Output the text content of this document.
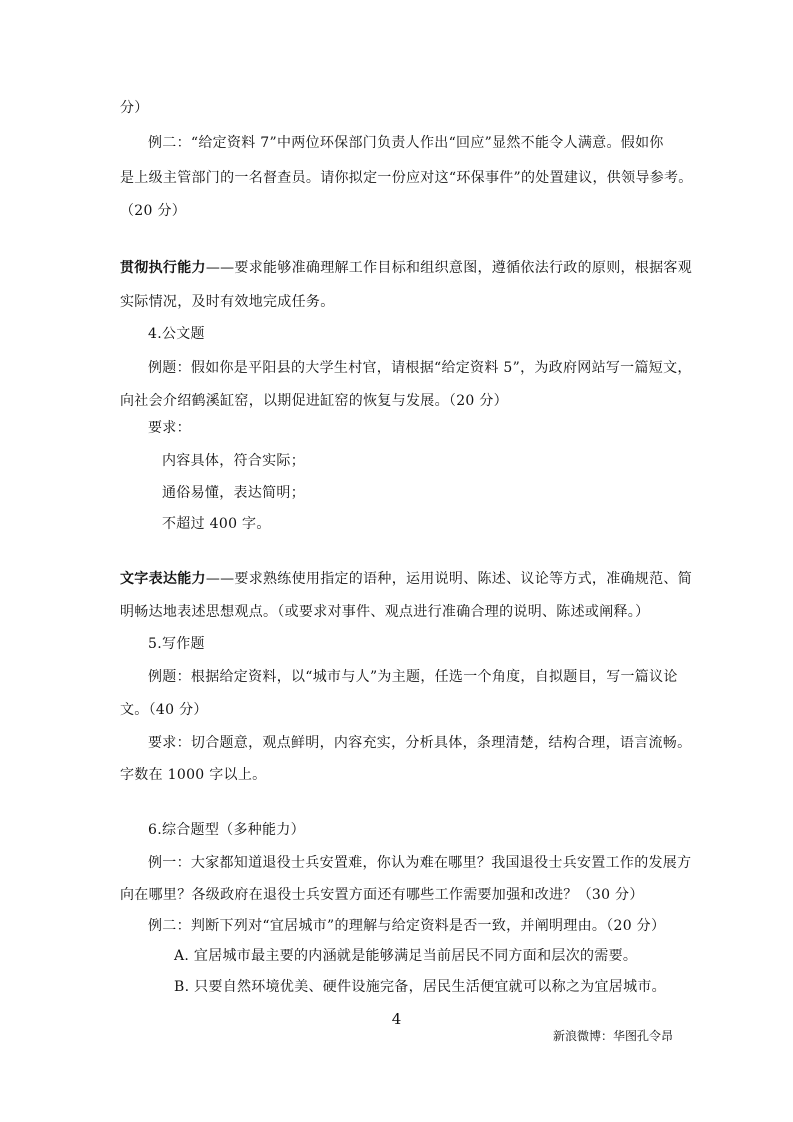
分）
例二：“给定资料 7”中两位环保部门负责人作出“回应”显然不能令人满意。假如你
是上级主管部门的一名督查员。请你拟定一份应对这“环保事件”的处置建议，供领导参考。
（20 分）
贯彻执行能力——要求能够准确理解工作目标和组织意图，遵循依法行政的原则，根据客观
实际情况，及时有效地完成任务。
4.公文题
例题：假如你是平阳县的大学生村官，请根据“给定资料 5”，为政府网站写一篇短文，
向社会介绍鹤溪缸窑，以期促进缸窑的恢复与发展。（20 分）
要求：
内容具体，符合实际；
通俗易懂，表达简明；
不超过 400 字。
文字表达能力——要求熟练使用指定的语种，运用说明、陈述、议论等方式，准确规范、简
明畅达地表述思想观点。（或要求对事件、观点进行准确合理的说明、陈述或阐释。）
5.写作题
例题：根据给定资料，以“城市与人”为主题，任选一个角度，自拟题目，写一篇议论
文。（40 分）
要求：切合题意，观点鲜明，内容充实，分析具体，条理清楚，结构合理，语言流畅。
字数在 1000 字以上。
6.综合题型（多种能力）
例一：大家都知道退役士兵安置难，你认为难在哪里？我国退役士兵安置工作的发展方
向在哪里？各级政府在退役士兵安置方面还有哪些工作需要加强和改进？（30 分）
例二：判断下列对“宜居城市”的理解与给定资料是否一致，并阐明理由。（20 分）
A. 宜居城市最主要的内涵就是能够满足当前居民不同方面和层次的需要。
B. 只要自然环境优美、硬件设施完备，居民生活便宜就可以称之为宜居城市。
4
新浪微博：华图孔令昂
